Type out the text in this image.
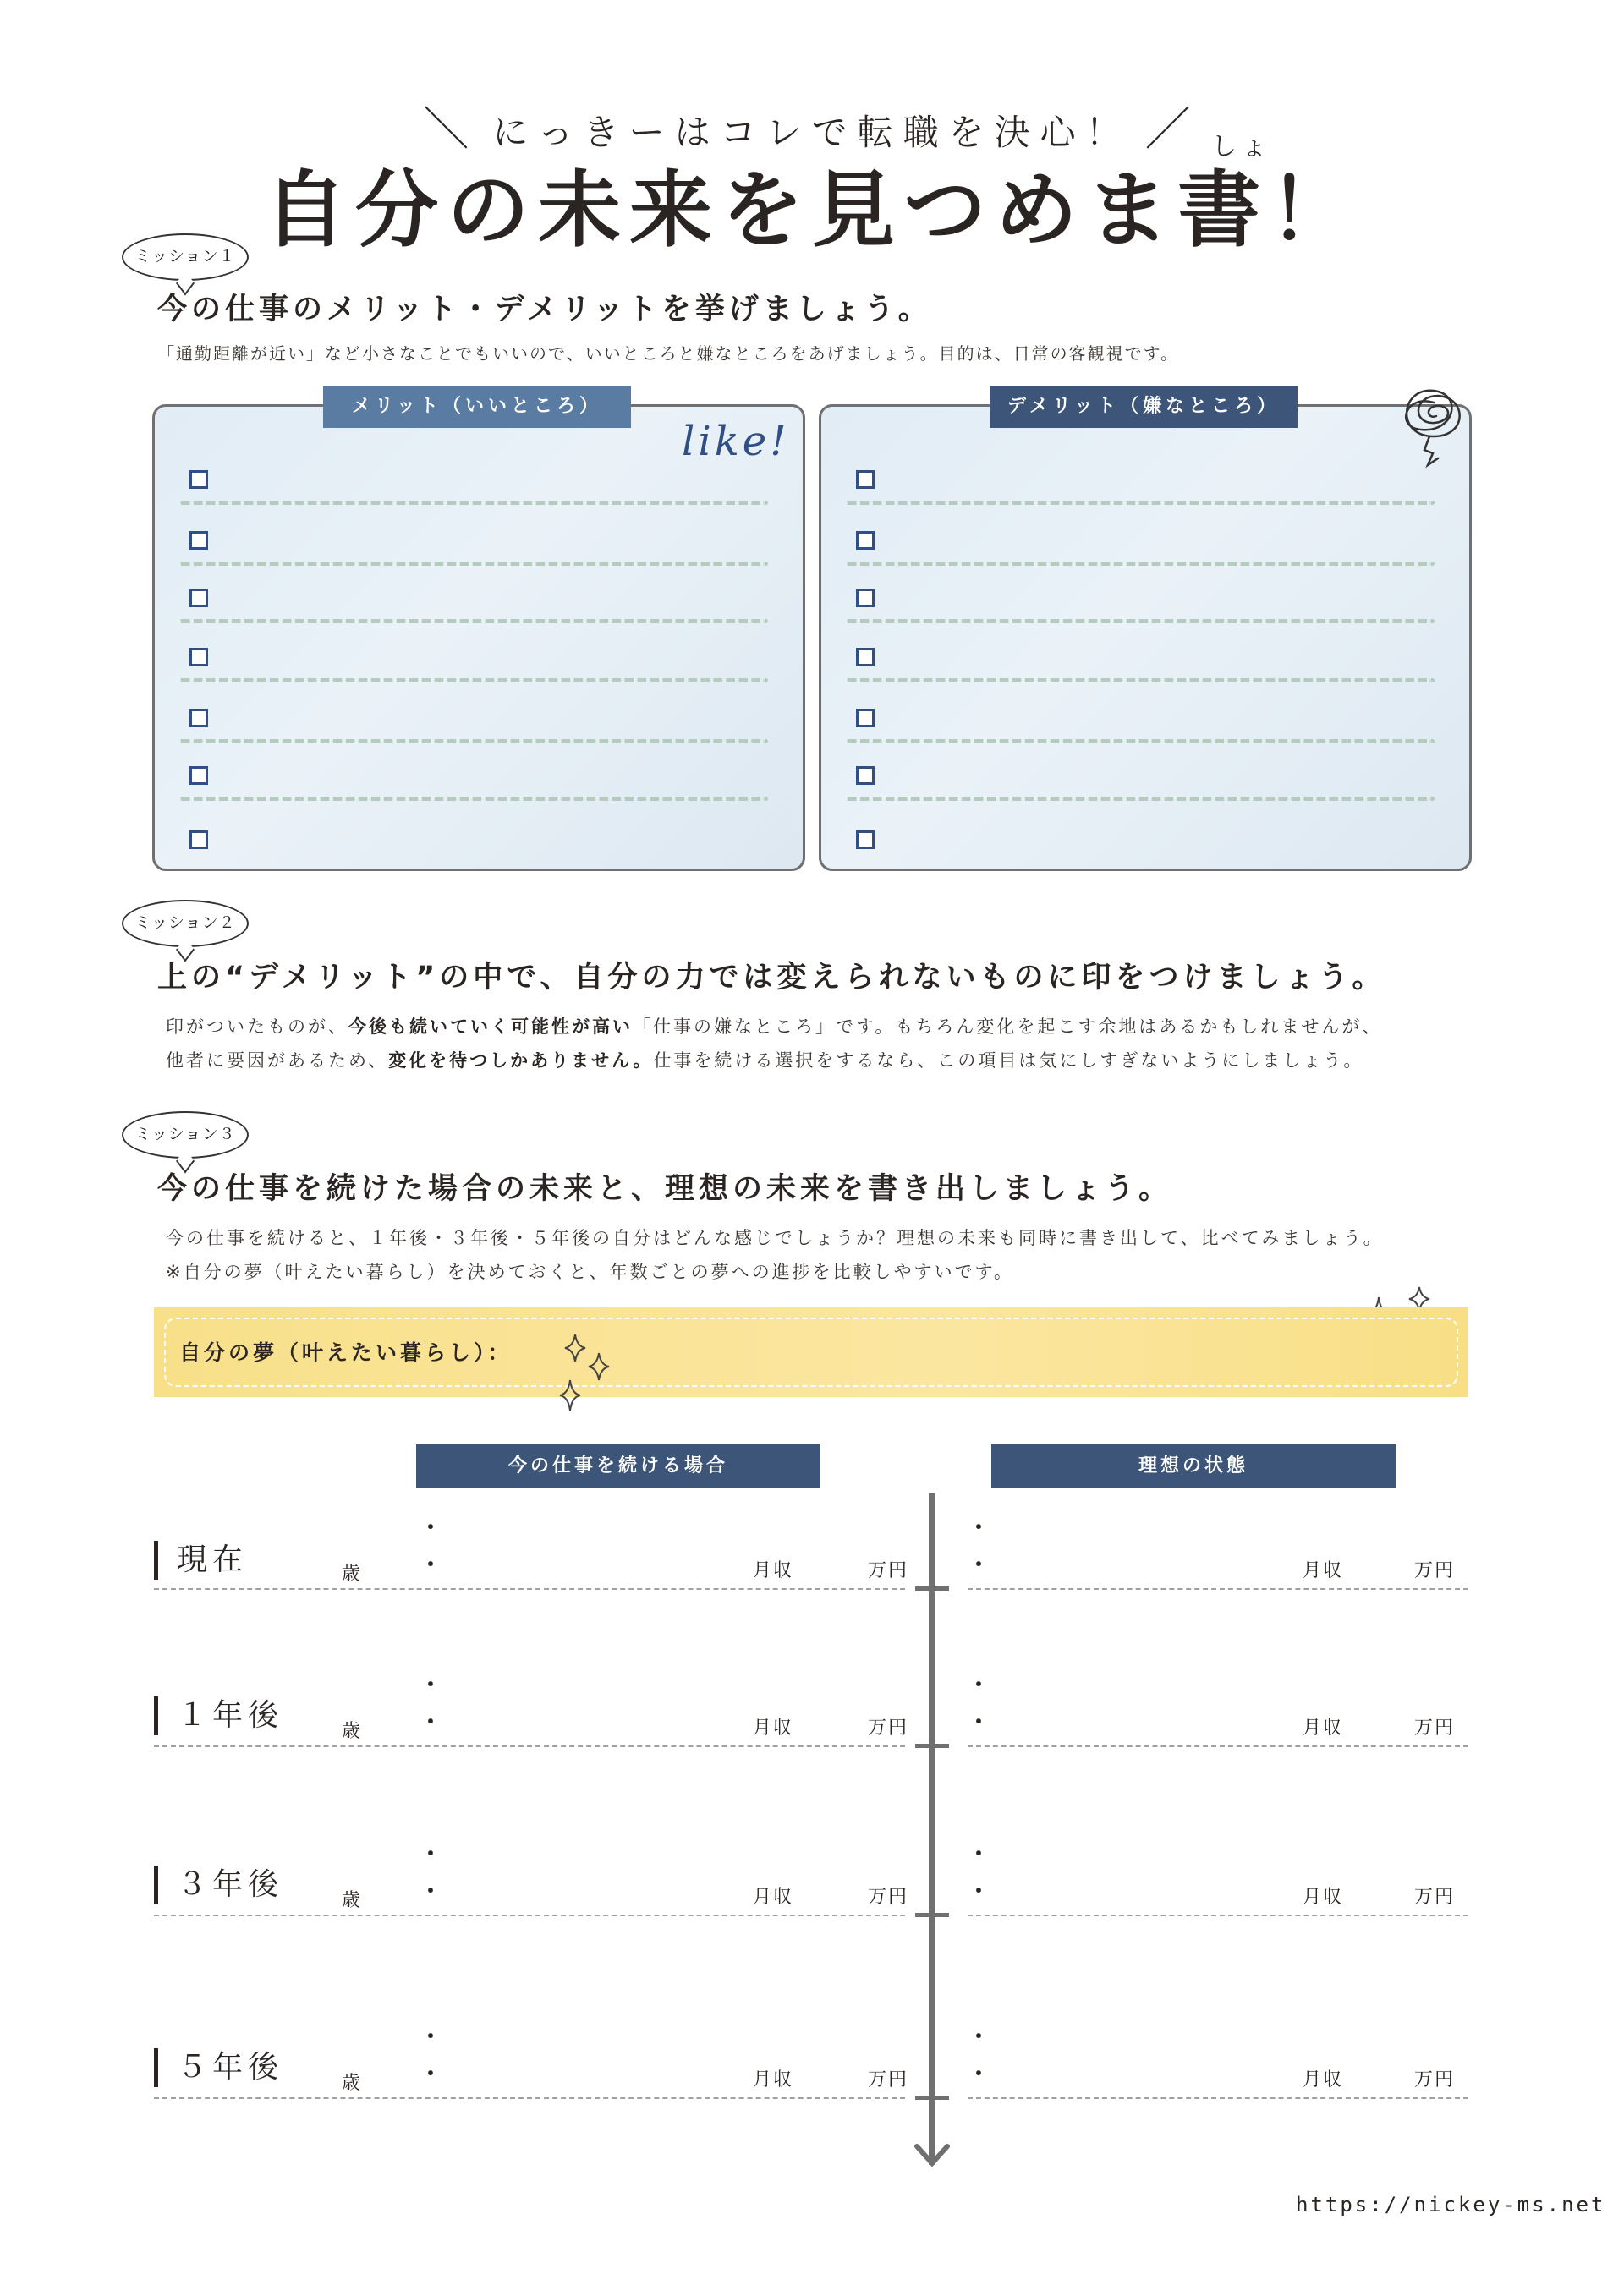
＼ にっきーはコレで転職を決心！ ／ しょ
自分の未来を見つめま書！
ミッション１
今の仕事のメリット・デメリットを挙げましょう。
「通勤距離が近い」など小さなことでもいいので、いいところと嫌なところをあげましょう。目的は、日常の客観視です。
メリット（いいところ）
like!
デメリット（嫌なところ）
ミッション２
上の“デメリット”の中で、自分の力では変えられないものに印をつけましょう。
印がついたものが、今後も続いていく可能性が高い「仕事の嫌なところ」です。もちろん変化を起こす余地はあるかもしれませんが、
他者に要因があるため、変化を待つしかありません。仕事を続ける選択をするなら、この項目は気にしすぎないようにしましょう。
ミッション３
今の仕事を続けた場合の未来と、理想の未来を書き出しましょう。
今の仕事を続けると、１年後・３年後・５年後の自分はどんな感じでしょうか？理想の未来も同時に書き出して、比べてみましょう。
※自分の夢（叶えたい暮らし）を決めておくと、年数ごとの夢への進捗を比較しやすいです。
自分の夢（叶えたい暮らし）：
今の仕事を続ける場合	理想の状態
現在	歳	月収	万円	月収	万円
・
・
・
・
１年後	歳	月収	万円	月収	万円
・
・
・
・
３年後	歳	月収	万円	月収	万円
・
・
・
・
５年後	歳	月収	万円	月収	万円
・
・
・
・
https://nickey-ms.net
